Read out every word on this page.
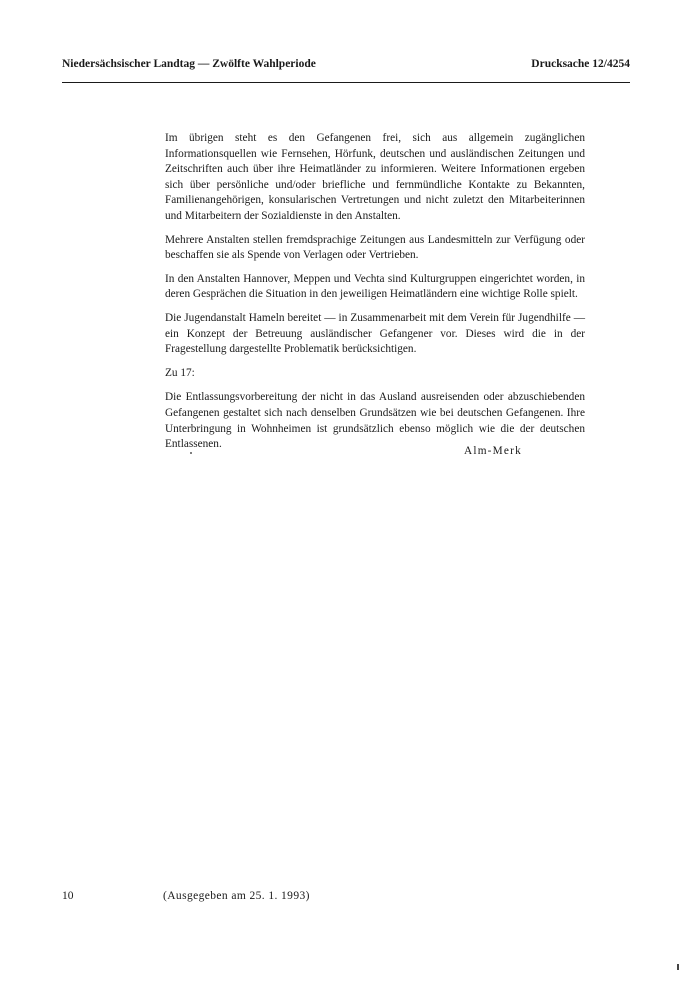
Niedersächsischer Landtag — Zwölfte Wahlperiode	Drucksache 12/4254

Im übrigen steht es den Gefangenen frei, sich aus allgemein zugänglichen Informationsquellen wie Fernsehen, Hörfunk, deutschen und ausländischen Zeitungen und Zeitschriften auch über ihre Heimatländer zu informieren. Weitere Informationen ergeben sich über persönliche und/oder briefliche und fernmündliche Kontakte zu Bekannten, Familienangehörigen, konsularischen Vertretungen und nicht zuletzt den Mitarbeiterinnen und Mitarbeitern der Sozialdienste in den Anstalten.

Mehrere Anstalten stellen fremdsprachige Zeitungen aus Landesmitteln zur Verfügung oder beschaffen sie als Spende von Verlagen oder Vertrieben.

In den Anstalten Hannover, Meppen und Vechta sind Kulturgruppen eingerichtet worden, in deren Gesprächen die Situation in den jeweiligen Heimatländern eine wichtige Rolle spielt.

Die Jugendanstalt Hameln bereitet — in Zusammenarbeit mit dem Verein für Jugendhilfe — ein Konzept der Betreuung ausländischer Gefangener vor. Dieses wird die in der Fragestellung dargestellte Problematik berücksichtigen.

Zu 17:

Die Entlassungsvorbereitung der nicht in das Ausland ausreisenden oder abzuschiebenden Gefangenen gestaltet sich nach denselben Grundsätzen wie bei deutschen Gefangenen. Ihre Unterbringung in Wohnheimen ist grundsätzlich ebenso möglich wie die der deutschen Entlassenen.

Alm-Merk
10	(Ausgegeben am 25. 1. 1993)
